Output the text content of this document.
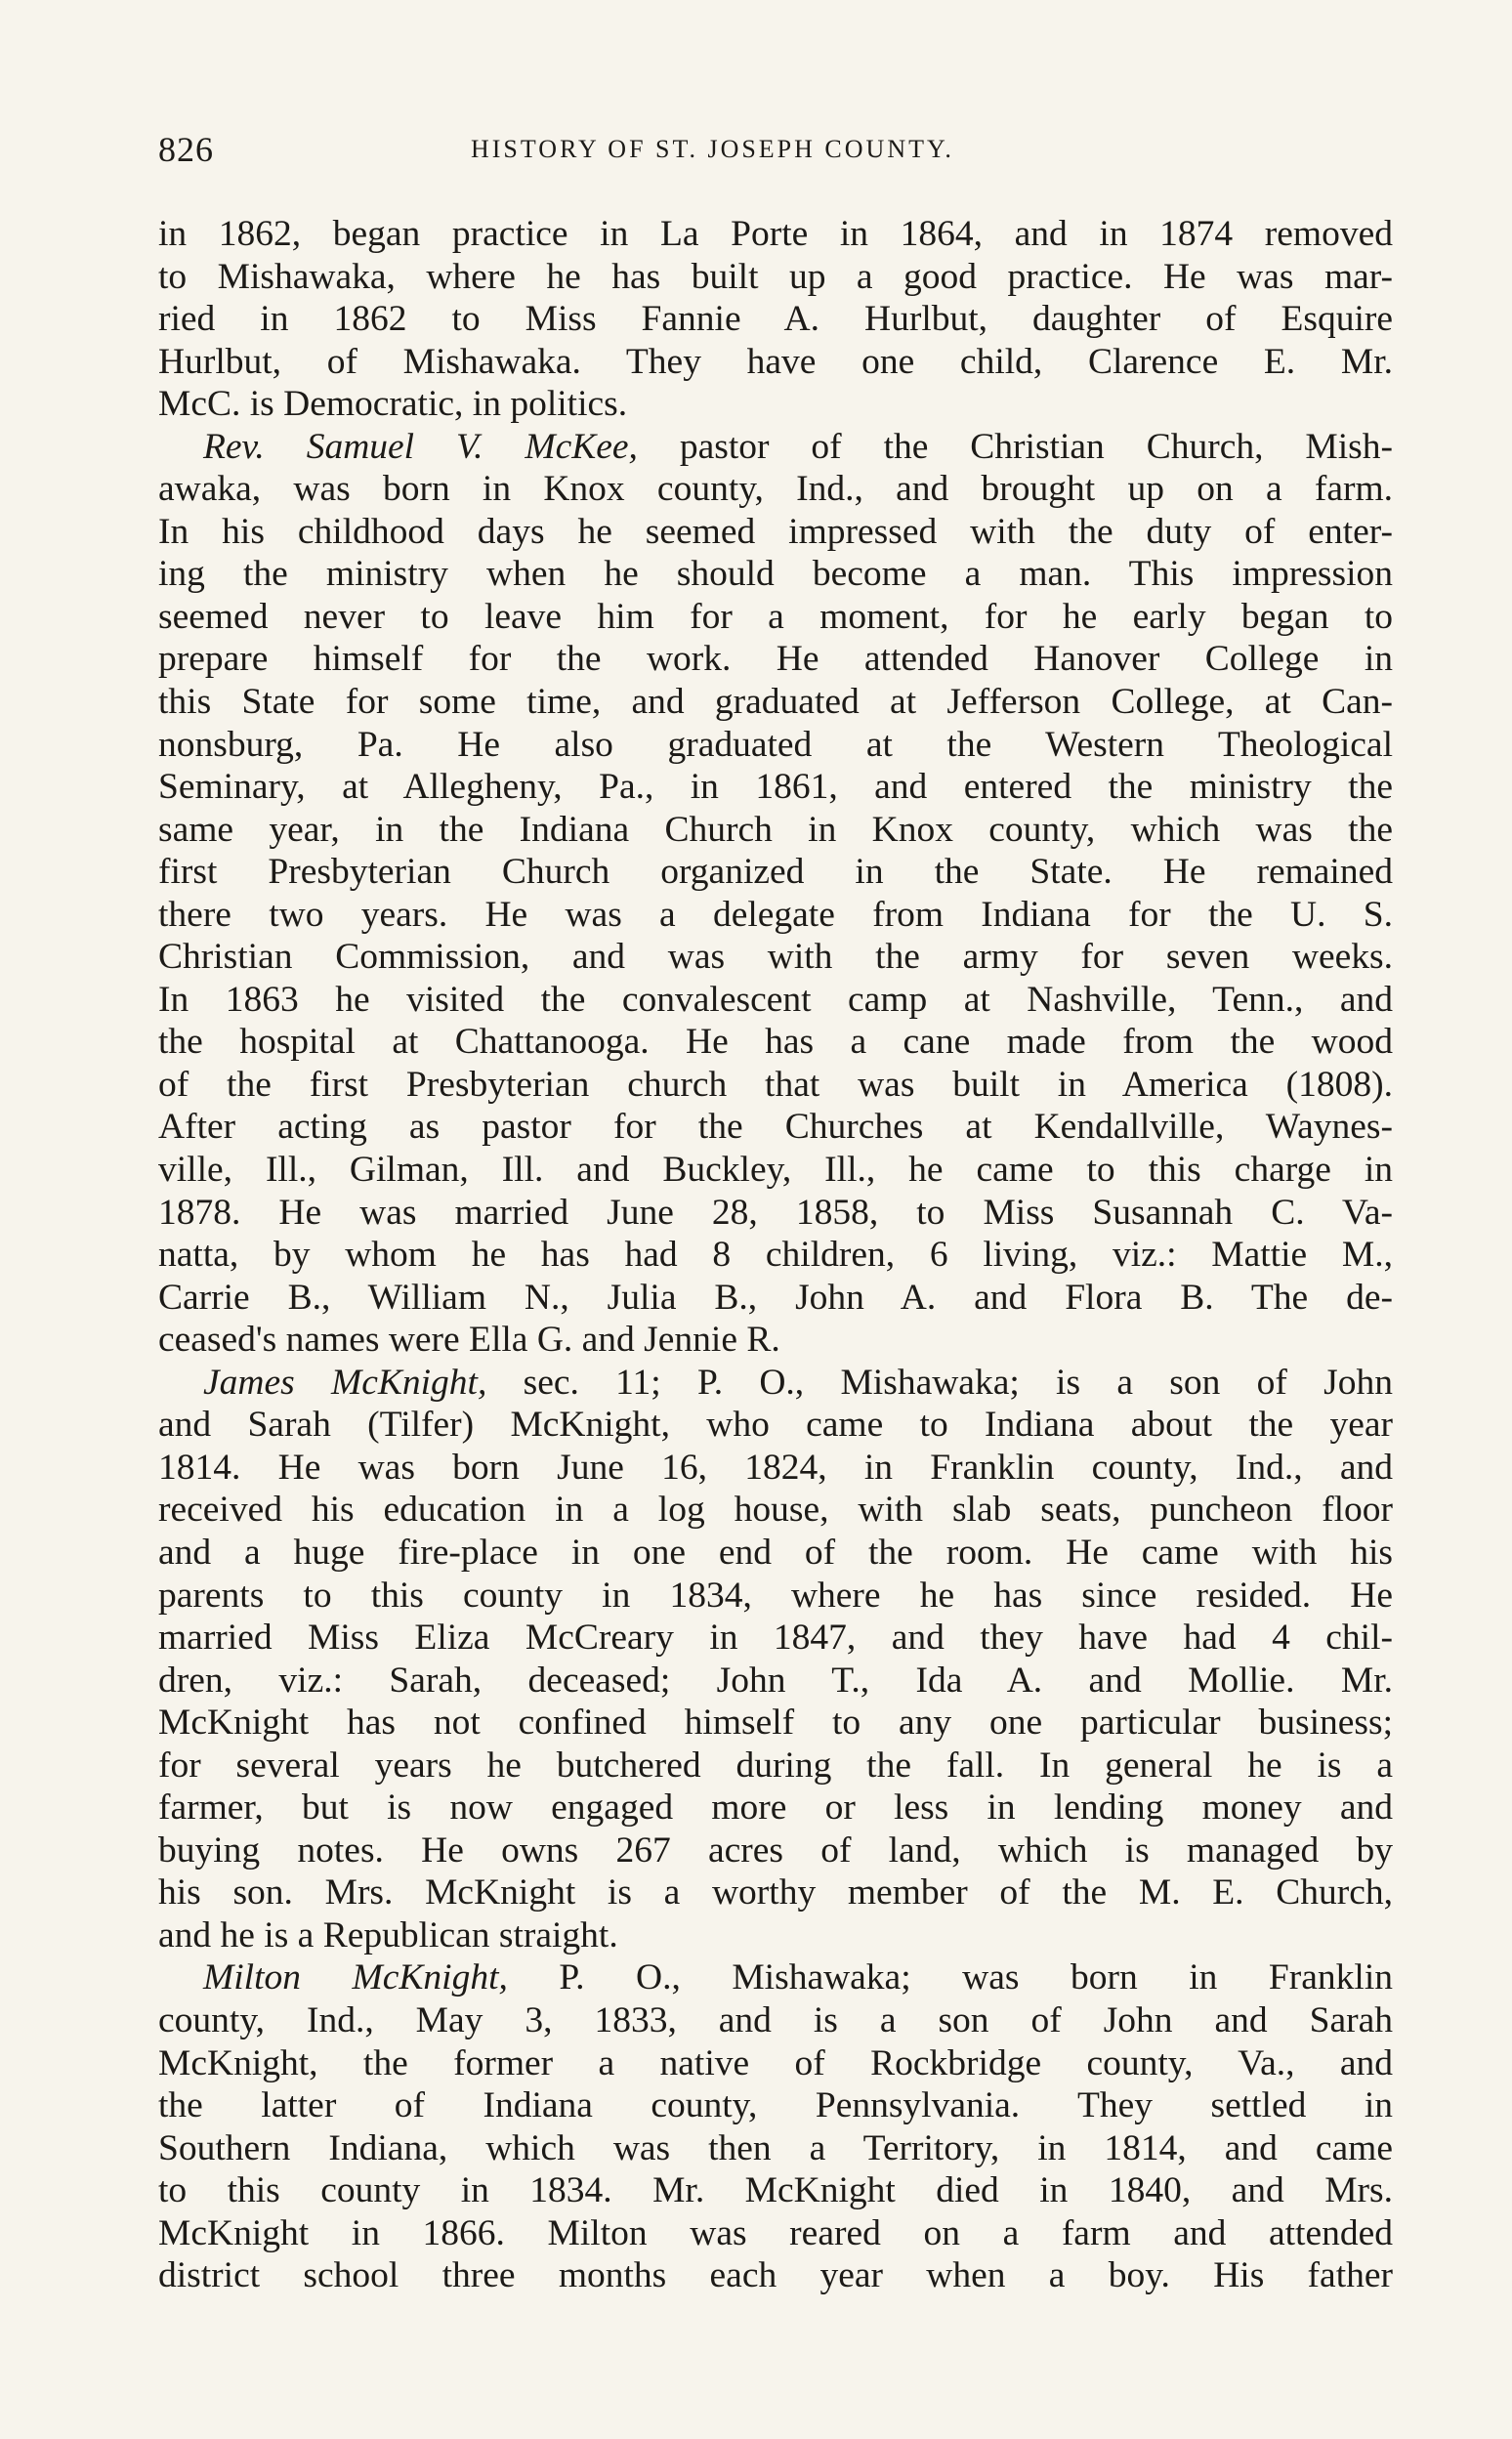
826	HISTORY OF ST. JOSEPH COUNTY.
in 1862, began practice in La Porte in 1864, and in 1874 removed
to Mishawaka, where he has built up a good practice. He was mar-
ried in 1862 to Miss Fannie A. Hurlbut, daughter of Esquire
Hurlbut, of Mishawaka. They have one child, Clarence E. Mr.
McC. is Democratic, in politics.
Rev. Samuel V. McKee, pastor of the Christian Church, Mish-
awaka, was born in Knox county, Ind., and brought up on a farm.
In his childhood days he seemed impressed with the duty of enter-
ing the ministry when he should become a man. This impression
seemed never to leave him for a moment, for he early began to
prepare himself for the work. He attended Hanover College in
this State for some time, and graduated at Jefferson College, at Can-
nonsburg, Pa. He also graduated at the Western Theological
Seminary, at Allegheny, Pa., in 1861, and entered the ministry the
same year, in the Indiana Church in Knox county, which was the
first Presbyterian Church organized in the State. He remained
there two years. He was a delegate from Indiana for the U. S.
Christian Commission, and was with the army for seven weeks.
In 1863 he visited the convalescent camp at Nashville, Tenn., and
the hospital at Chattanooga. He has a cane made from the wood
of the first Presbyterian church that was built in America (1808).
After acting as pastor for the Churches at Kendallville, Waynes-
ville, Ill., Gilman, Ill. and Buckley, Ill., he came to this charge in
1878. He was married June 28, 1858, to Miss Susannah C. Va-
natta, by whom he has had 8 children, 6 living, viz.: Mattie M.,
Carrie B., William N., Julia B., John A. and Flora B. The de-
ceased's names were Ella G. and Jennie R.
James McKnight, sec. 11; P. O., Mishawaka; is a son of John
and Sarah (Tilfer) McKnight, who came to Indiana about the year
1814. He was born June 16, 1824, in Franklin county, Ind., and
received his education in a log house, with slab seats, puncheon floor
and a huge fire-place in one end of the room. He came with his
parents to this county in 1834, where he has since resided. He
married Miss Eliza McCreary in 1847, and they have had 4 chil-
dren, viz.: Sarah, deceased; John T., Ida A. and Mollie. Mr.
McKnight has not confined himself to any one particular business;
for several years he butchered during the fall. In general he is a
farmer, but is now engaged more or less in lending money and
buying notes. He owns 267 acres of land, which is managed by
his son. Mrs. McKnight is a worthy member of the M. E. Church,
and he is a Republican straight.
Milton McKnight, P. O., Mishawaka; was born in Franklin
county, Ind., May 3, 1833, and is a son of John and Sarah
McKnight, the former a native of Rockbridge county, Va., and
the latter of Indiana county, Pennsylvania. They settled in
Southern Indiana, which was then a Territory, in 1814, and came
to this county in 1834. Mr. McKnight died in 1840, and Mrs.
McKnight in 1866. Milton was reared on a farm and attended
district school three months each year when a boy. His father
